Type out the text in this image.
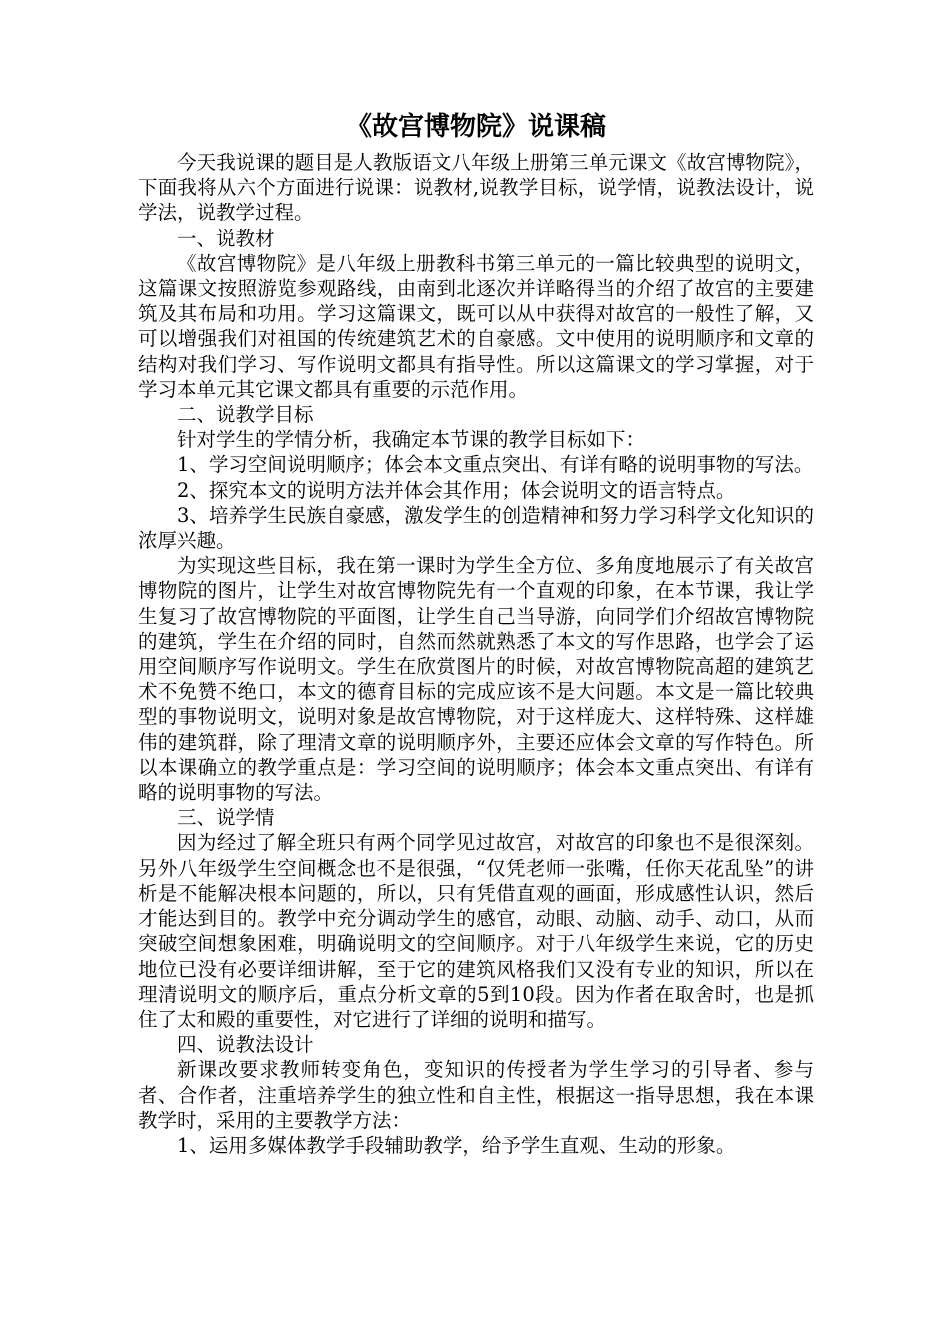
《故宫博物院》说课稿

今天我说课的题目是人教版语文八年级上册第三单元课文《故宫博物院》，下面我将从六个方面进行说课：说教材,说教学目标，说学情，说教法设计，说学法，说教学过程。

一、说教材

《故宫博物院》是八年级上册教科书第三单元的一篇比较典型的说明文，这篇课文按照游览参观路线，由南到北逐次并详略得当的介绍了故宫的主要建筑及其布局和功用。学习这篇课文，既可以从中获得对故宫的一般性了解，又可以增强我们对祖国的传统建筑艺术的自豪感。文中使用的说明顺序和文章的结构对我们学习、写作说明文都具有指导性。所以这篇课文的学习掌握，对于学习本单元其它课文都具有重要的示范作用。

二、说教学目标

针对学生的学情分析，我确定本节课的教学目标如下：

1、学习空间说明顺序；体会本文重点突出、有详有略的说明事物的写法。

2、探究本文的说明方法并体会其作用；体会说明文的语言特点。

3、培养学生民族自豪感，激发学生的创造精神和努力学习科学文化知识的浓厚兴趣。

为实现这些目标，我在第一课时为学生全方位、多角度地展示了有关故宫博物院的图片，让学生对故宫博物院先有一个直观的印象，在本节课，我让学生复习了故宫博物院的平面图，让学生自己当导游，向同学们介绍故宫博物院的建筑，学生在介绍的同时，自然而然就熟悉了本文的写作思路，也学会了运用空间顺序写作说明文。学生在欣赏图片的时候，对故宫博物院高超的建筑艺术不免赞不绝口，本文的德育目标的完成应该不是大问题。本文是一篇比较典型的事物说明文，说明对象是故宫博物院，对于这样庞大、这样特殊、这样雄伟的建筑群，除了理清文章的说明顺序外，主要还应体会文章的写作特色。所以本课确立的教学重点是：学习空间的说明顺序；体会本文重点突出、有详有略的说明事物的写法。

三、说学情

因为经过了解全班只有两个同学见过故宫，对故宫的印象也不是很深刻。另外八年级学生空间概念也不是很强，“仅凭老师一张嘴，任你天花乱坠”的讲析是不能解决根本问题的，所以，只有凭借直观的画面，形成感性认识，然后才能达到目的。教学中充分调动学生的感官，动眼、动脑、动手、动口，从而突破空间想象困难，明确说明文的空间顺序。对于八年级学生来说，它的历史地位已没有必要详细讲解，至于它的建筑风格我们又没有专业的知识，所以在理清说明文的顺序后，重点分析文章的5到10段。因为作者在取舍时，也是抓住了太和殿的重要性，对它进行了详细的说明和描写。

四、说教法设计

新课改要求教师转变角色，变知识的传授者为学生学习的引导者、参与者、合作者，注重培养学生的独立性和自主性，根据这一指导思想，我在本课教学时，采用的主要教学方法：

1、运用多媒体教学手段辅助教学，给予学生直观、生动的形象。
